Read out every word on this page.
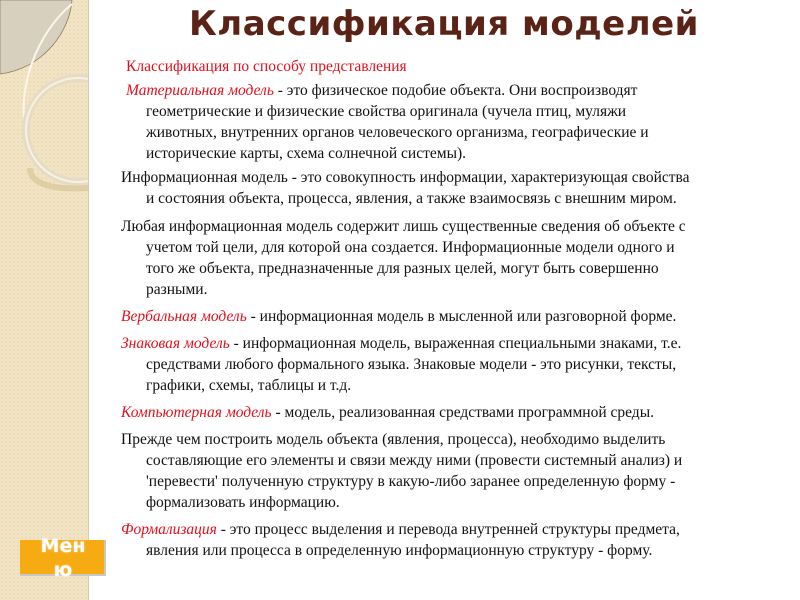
Классификация моделей
Классификация по способу представления
Материальная модель - это физическое подобие объекта. Они воспроизводят
геометрические и физические свойства оригинала (чучела птиц, муляжи
животных, внутренних органов человеческого организма, географические и
исторические карты, схема солнечной системы).
Информационная модель - это совокупность информации, характеризующая свойства
и состояния объекта, процесса, явления, а также взаимосвязь с внешним миром.
Любая информационная модель содержит лишь существенные сведения об объекте с
учетом той цели, для которой она создается. Информационные модели одного и
того же объекта, предназначенные для разных целей, могут быть совершенно
разными.
Вербальная модель - информационная модель в мысленной или разговорной форме.
Знаковая модель - информационная модель, выраженная специальными знаками, т.е.
средствами любого формального языка. Знаковые модели - это рисунки, тексты,
графики, схемы, таблицы и т.д.
Компьютерная модель - модель, реализованная средствами программной среды.
Прежде чем построить модель объекта (явления, процесса), необходимо выделить
составляющие его элементы и связи между ними (провести системный анализ) и
'перевести' полученную структуру в какую-либо заранее определенную форму -
формализовать информацию.
Формализация - это процесс выделения и перевода внутренней структуры предмета,
явления или процесса в определенную информационную структуру - форму.
Меню
